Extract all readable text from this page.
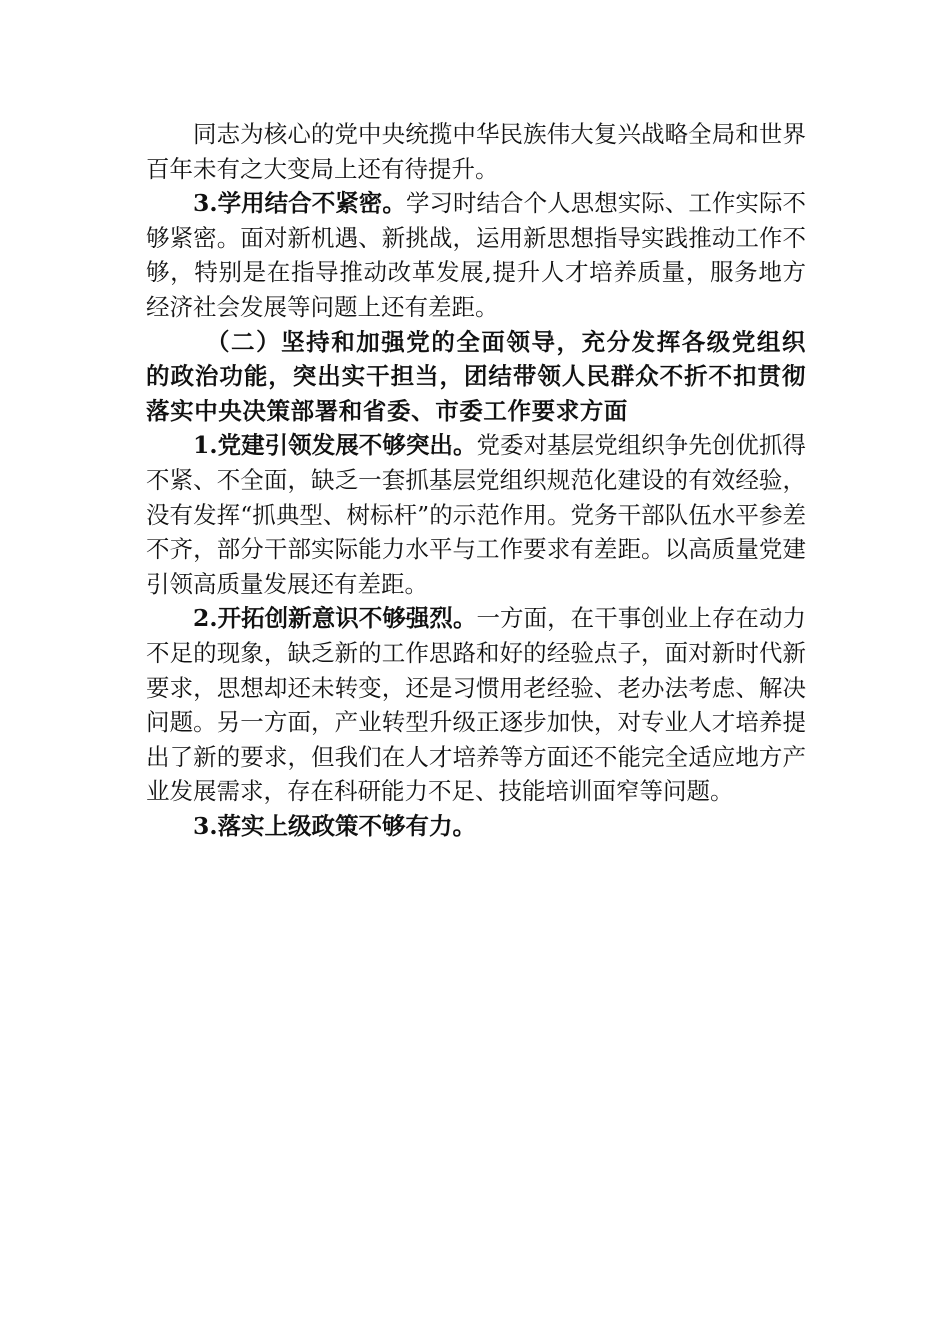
同志为核心的党中央统揽中华民族伟大复兴战略全局和世界百年未有之大变局上还有待提升。

3.学用结合不紧密。学习时结合个人思想实际、工作实际不够紧密。面对新机遇、新挑战，运用新思想指导实践推动工作不够，特别是在指导推动改革发展,提升人才培养质量，服务地方经济社会发展等问题上还有差距。

（二）坚持和加强党的全面领导，充分发挥各级党组织的政治功能，突出实干担当，团结带领人民群众不折不扣贯彻落实中央决策部署和省委、市委工作要求方面

1.党建引领发展不够突出。党委对基层党组织争先创优抓得不紧、不全面，缺乏一套抓基层党组织规范化建设的有效经验，没有发挥“抓典型、树标杆”的示范作用。党务干部队伍水平参差不齐，部分干部实际能力水平与工作要求有差距。以高质量党建引领高质量发展还有差距。

2.开拓创新意识不够强烈。一方面，在干事创业上存在动力不足的现象，缺乏新的工作思路和好的经验点子，面对新时代新要求，思想却还未转变，还是习惯用老经验、老办法考虑、解决问题。另一方面，产业转型升级正逐步加快，对专业人才培养提出了新的要求，但我们在人才培养等方面还不能完全适应地方产业发展需求，存在科研能力不足、技能培训面窄等问题。

3.落实上级政策不够有力。
